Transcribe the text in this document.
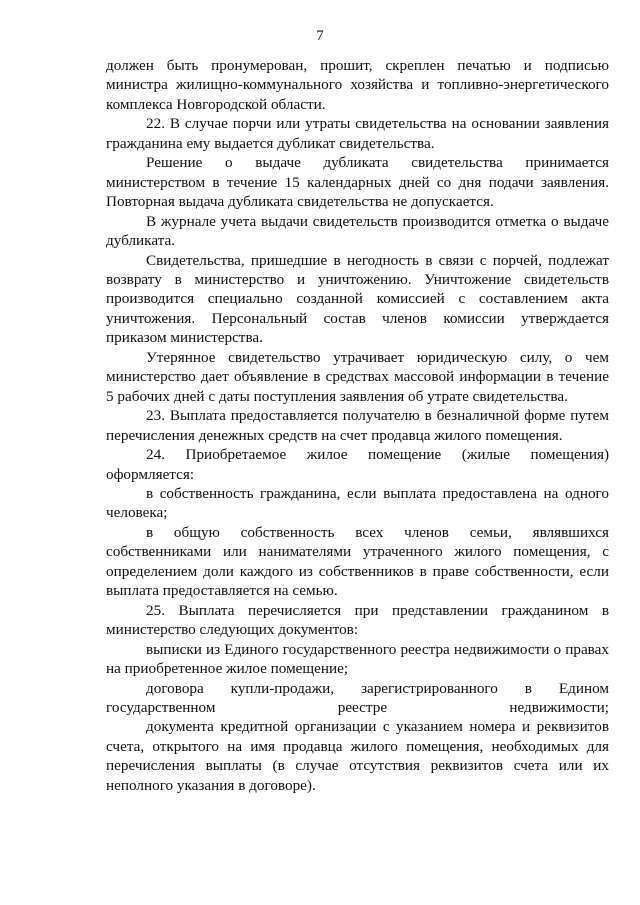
7

должен быть пронумерован, прошит, скреплен печатью и подписью министра жилищно-коммунального хозяйства и топливно-энергетического комплекса Новгородской области.

22. В случае порчи или утраты свидетельства на основании заявления гражданина ему выдается дубликат свидетельства.

Решение о выдаче дубликата свидетельства принимается министерством в течение 15 календарных дней со дня подачи заявления. Повторная выдача дубликата свидетельства не допускается.

В журнале учета выдачи свидетельств производится отметка о выдаче дубликата.

Свидетельства, пришедшие в негодность в связи с порчей, подлежат возврату в министерство и уничтожению. Уничтожение свидетельств производится специально созданной комиссией с составлением акта уничтожения. Персональный состав членов комиссии утверждается приказом министерства.

Утерянное свидетельство утрачивает юридическую силу, о чем министерство дает объявление в средствах массовой информации в течение 5 рабочих дней с даты поступления заявления об утрате свидетельства.

23. Выплата предоставляется получателю в безналичной форме путем перечисления денежных средств на счет продавца жилого помещения.

24. Приобретаемое жилое помещение (жилые помещения) оформляется:

в собственность гражданина, если выплата предоставлена на одного человека;

в общую собственность всех членов семьи, являвшихся собственниками или нанимателями утраченного жилого помещения, с определением доли каждого из собственников в праве собственности, если выплата предоставляется на семью.

25. Выплата перечисляется при представлении гражданином в министерство следующих документов:

выписки из Единого государственного реестра недвижимости о правах на приобретенное жилое помещение;

договора купли-продажи, зарегистрированного в Едином государственном реестре недвижимости;

документа кредитной организации с указанием номера и реквизитов счета, открытого на имя продавца жилого помещения, необходимых для перечисления выплаты (в случае отсутствия реквизитов счета или их неполного указания в договоре).
